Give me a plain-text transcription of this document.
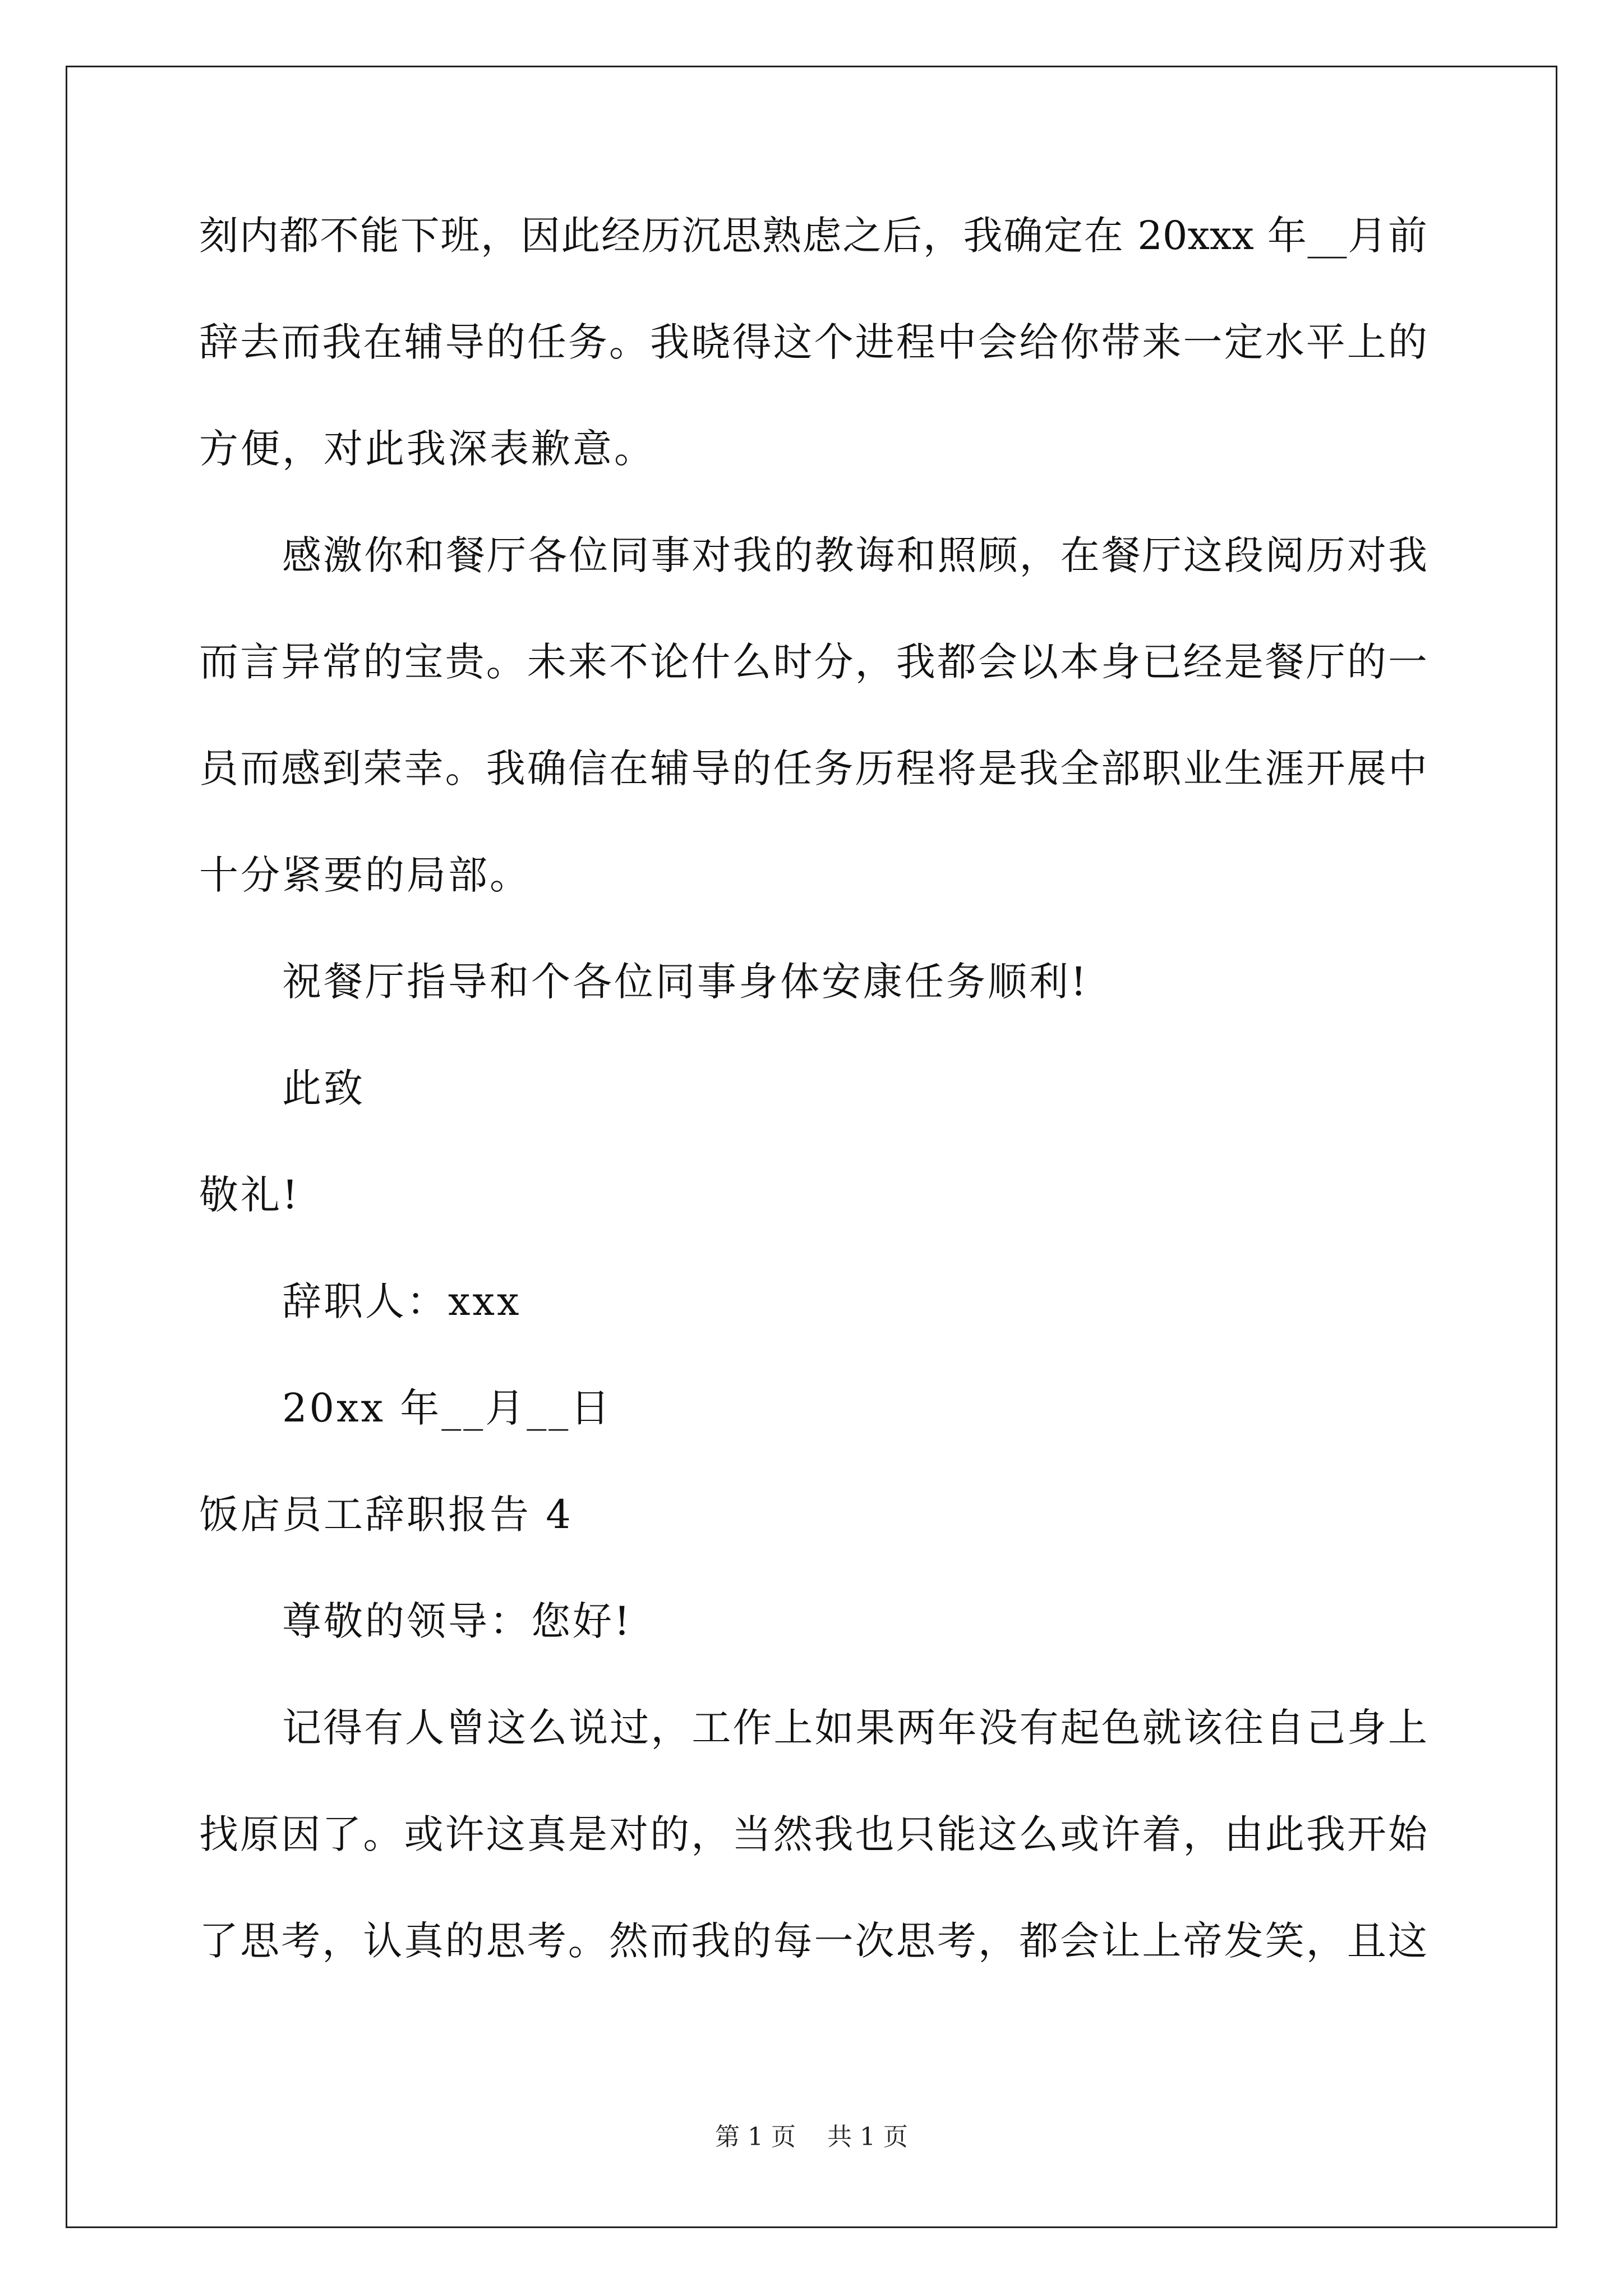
刻内都不能下班，因此经历沉思熟虑之后，我确定在 20xxx 年__月前
辞去而我在辅导的任务。我晓得这个进程中会给你带来一定水平上的
方便，对此我深表歉意。
感激你和餐厅各位同事对我的教诲和照顾，在餐厅这段阅历对我
而言异常的宝贵。未来不论什么时分，我都会以本身已经是餐厅的一
员而感到荣幸。我确信在辅导的任务历程将是我全部职业生涯开展中
十分紧要的局部。
祝餐厅指导和个各位同事身体安康任务顺利!
此致
敬礼!
辞职人：xxx
20xx 年__月__日
饭店员工辞职报告 4
尊敬的领导：您好!
记得有人曾这么说过，工作上如果两年没有起色就该往自己身上
找原因了。或许这真是对的，当然我也只能这么或许着，由此我开始
了思考，认真的思考。然而我的每一次思考，都会让上帝发笑，且这
第 1 页    共 1 页
